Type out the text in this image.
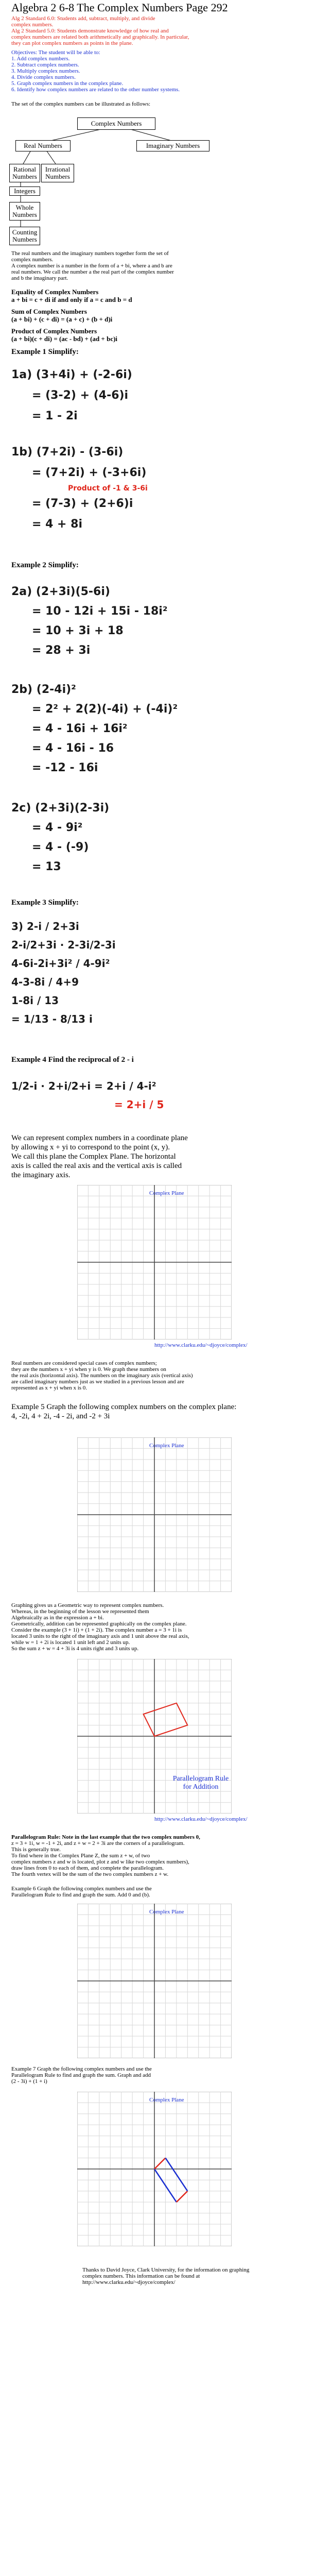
Algebra 2 6-8 The Complex Numbers Page 292
Alg 2 Standard 6.0: Students add, subtract, multiply, and divide
complex numbers.
Alg 2 Standard 5.0: Students demonstrate knowledge of how real and
complex numbers are related both arithmetically and graphically. In particular,
they can plot complex numbers as points in the plane.
Objectives: The student will be able to:
1. Add complex numbers.
2. Subtract complex numbers.
3. Multiply complex numbers.
4. Divide complex numbers.
5. Graph complex numbers in the complex plane.
6. Identify how complex numbers are related to the other number systems.
The set of the complex numbers can be illustrated as follows:
Complex Numbers
Real Numbers	Imaginary Numbers
Rational
Numbers
Irrational
Numbers
Integers
Whole
Numbers
Counting
Numbers
The real numbers and the imaginary numbers together form the set of
complex numbers.
A complex number is a number in the form of a + bi, where a and b are
real numbers. We call the number a the real part of the complex number
and b the imaginary part.
Equality of Complex Numbers
a + bi = c + di if and only if a = c and b = d
Sum of Complex Numbers
(a + bi) + (c + di) = (a + c) + (b + d)i
Product of Complex Numbers
(a + bi)(c + di) = (ac - bd) + (ad + bc)i
Example 1 Simplify:
1a) (3+4i) + (-2-6i)
= (3-2) + (4-6)i
= 1 - 2i
1b) (7+2i) - (3-6i)
= (7+2i) + (-3+6i)
Product of -1 & 3-6i
= (7-3) + (2+6)i
= 4 + 8i
Example 2 Simplify:
2a) (2+3i)(5-6i)
= 10 - 12i + 15i - 18i²
= 10 + 3i + 18
= 28 + 3i
2b) (2-4i)²
= 2² + 2(2)(-4i) + (-4i)²
= 4 - 16i + 16i²
= 4 - 16i - 16
= -12 - 16i
2c) (2+3i)(2-3i)
= 4 - 9i²
= 4 - (-9)
= 13
Example 3 Simplify:
3) 2-i / 2+3i
2-i/2+3i · 2-3i/2-3i
4-6i-2i+3i² / 4-9i²
4-3-8i / 4+9
1-8i / 13
= 1/13 - 8/13 i
Example 4 Find the reciprocal of 2 - i
1/2-i · 2+i/2+i = 2+i / 4-i²
= 2+i / 5
We can represent complex numbers in a coordinate plane
by allowing x + yi to correspond to the point (x, y).
We call this plane the Complex Plane. The horizontal
axis is called the real axis and the vertical axis is called
the imaginary axis.
Complex Plane
http://www.clarku.edu/~djoyce/complex/
Real numbers are considered special cases of complex numbers;
they are the numbers x + yi when y is 0. We graph these numbers on
the real axis (horizontal axis). The numbers on the imaginary axis (vertical axis)
are called imaginary numbers just as we studied in a previous lesson and are
represented as x + yi when x is 0.
Example 5 Graph the following complex numbers on the complex plane:
4, -2i, 4 + 2i, -4 - 2i, and -2 + 3i
Complex Plane
Graphing gives us a Geometric way to represent complex numbers.
Whereas, in the beginning of the lesson we represented them
Algebraically as in the expression a + bi.
Geometrically, addition can be represented graphically on the complex plane.
Consider the example (3 + 1i) + (1 + 2i). The complex number a = 3 + 1i is
located 3 units to the right of the imaginary axis and 1 unit above the real axis,
while w = 1 + 2i is located 1 unit left and 2 units up.
So the sum z + w = 4 + 3i is 4 units right and 3 units up.
Parallelogram Rule for Addition
http://www.clarku.edu/~djoyce/complex/
Parallelogram Rule: Note in the last example that the two complex numbers 0,
z = 3 + 1i, w = -1 + 2i, and z + w = 2 + 3i are the corners of a parallelogram.
This is generally true.
To find where in the Complex Plane Z, the sum z + w, of two
complex numbers z and w is located, plot z and w like two complex numbers),
draw lines from 0 to each of them, and complete the parallelogram.
The fourth vertex will be the sum of the two complex numbers z + w.
Example 6 Graph the following complex numbers and use the
Parallelogram Rule to find and graph the sum. Add 0 and (b).
Complex Plane
Example 7 Graph the following complex numbers and use the
Parallelogram Rule to find and graph the sum. Graph and add
(2 - 3i) + (1 + i)
Complex Plane
Thanks to David Joyce, Clark University, for the information on graphing
complex numbers. This information can be found at
http://www.clarku.edu/~djoyce/complex/
